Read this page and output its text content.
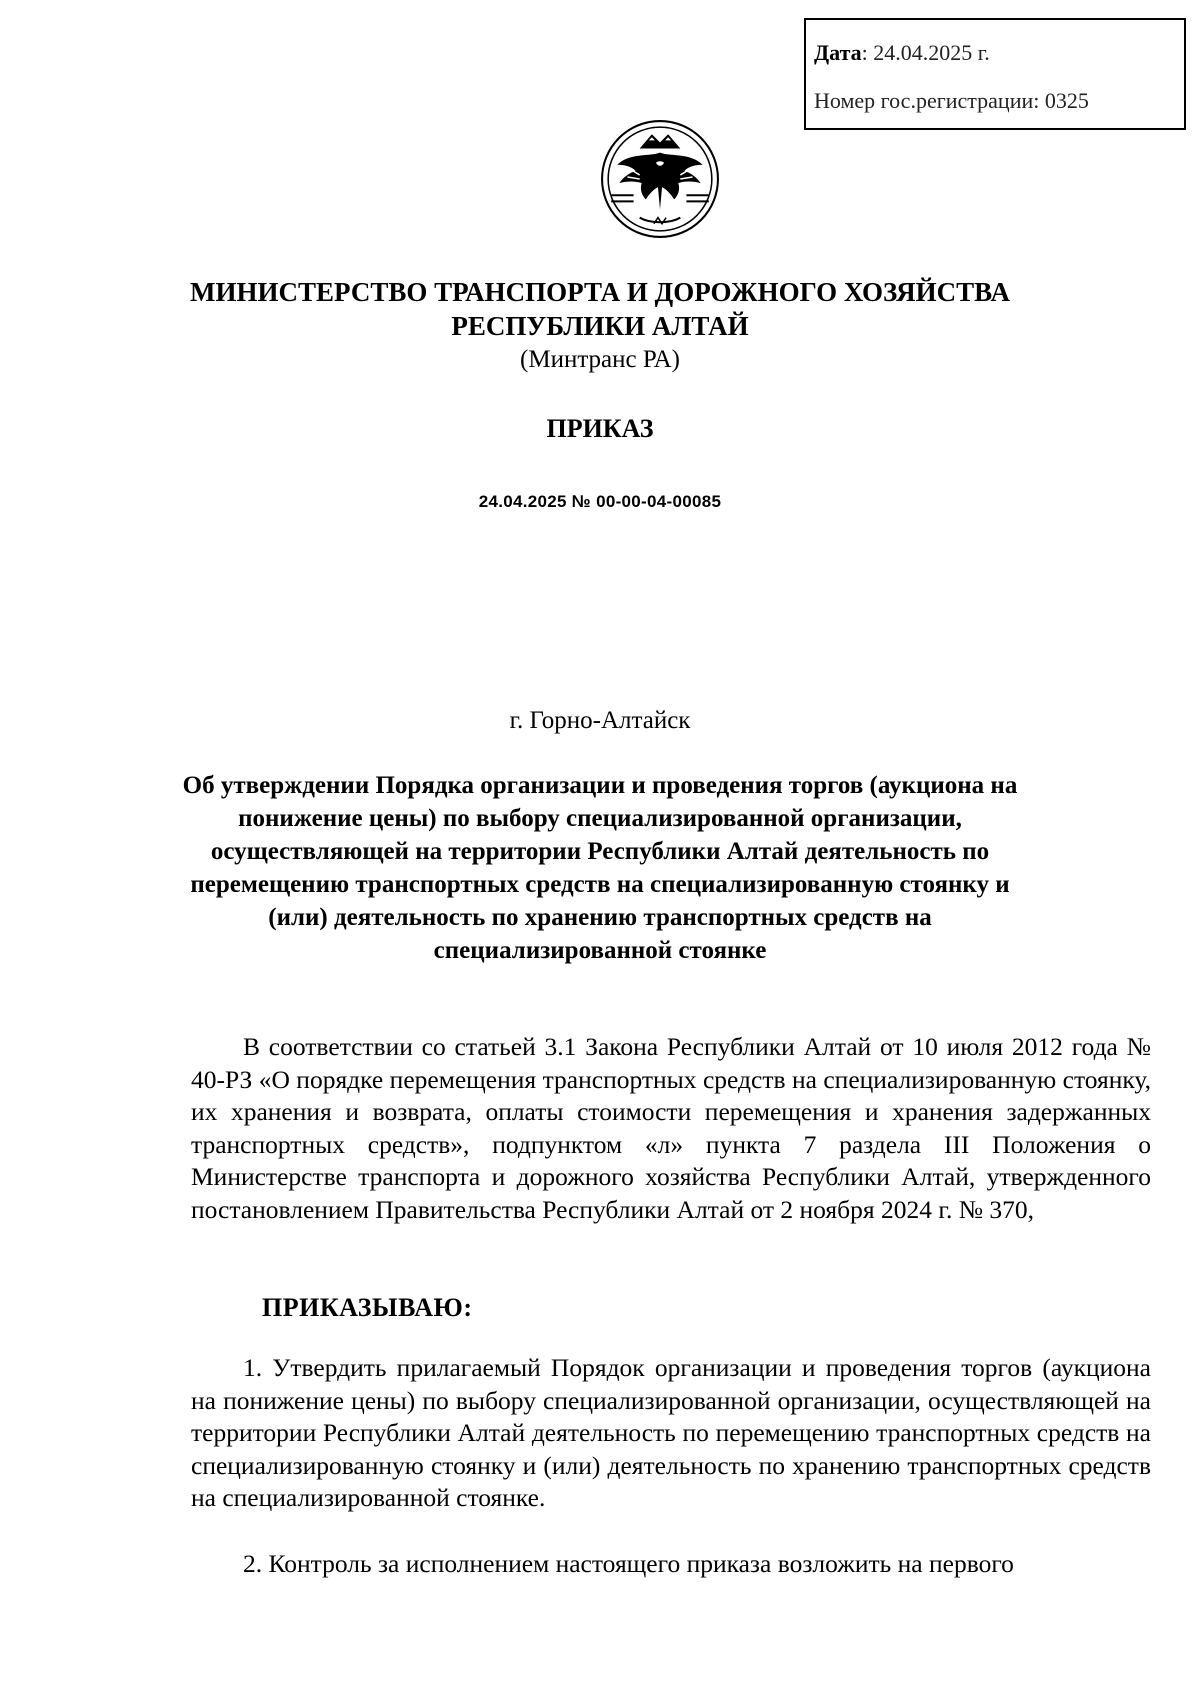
Дата: 24.04.2025 г.
Номер гос.регистрации: 0325
МИНИСТЕРСТВО ТРАНСПОРТА И ДОРОЖНОГО ХОЗЯЙСТВА
РЕСПУБЛИКИ АЛТАЙ
(Минтранс РА)
ПРИКАЗ
24.04.2025 № 00-00-04-00085
г. Горно-Алтайск
Об утверждении Порядка организации и проведения торгов (аукциона на понижение цены) по выбору специализированной организации, осуществляющей на территории Республики Алтай деятельность по перемещению транспортных средств на специализированную стоянку и (или) деятельность по хранению транспортных средств на специализированной стоянке
В соответствии со статьей 3.1 Закона Республики Алтай от 10 июля 2012 года № 40-РЗ «О порядке перемещения транспортных средств на специализированную стоянку, их хранения и возврата, оплаты стоимости перемещения и хранения задержанных транспортных средств», подпунктом «л» пункта 7 раздела III Положения о Министерстве транспорта и дорожного хозяйства Республики Алтай, утвержденного постановлением Правительства Республики Алтай от 2 ноября 2024 г. № 370,
ПРИКАЗЫВАЮ:
1. Утвердить прилагаемый Порядок организации и проведения торгов (аукциона на понижение цены) по выбору специализированной организации, осуществляющей на территории Республики Алтай деятельность по перемещению транспортных средств на специализированную стоянку и (или) деятельность по хранению транспортных средств на специализированной стоянке.
2. Контроль за исполнением настоящего приказа возложить на первого
